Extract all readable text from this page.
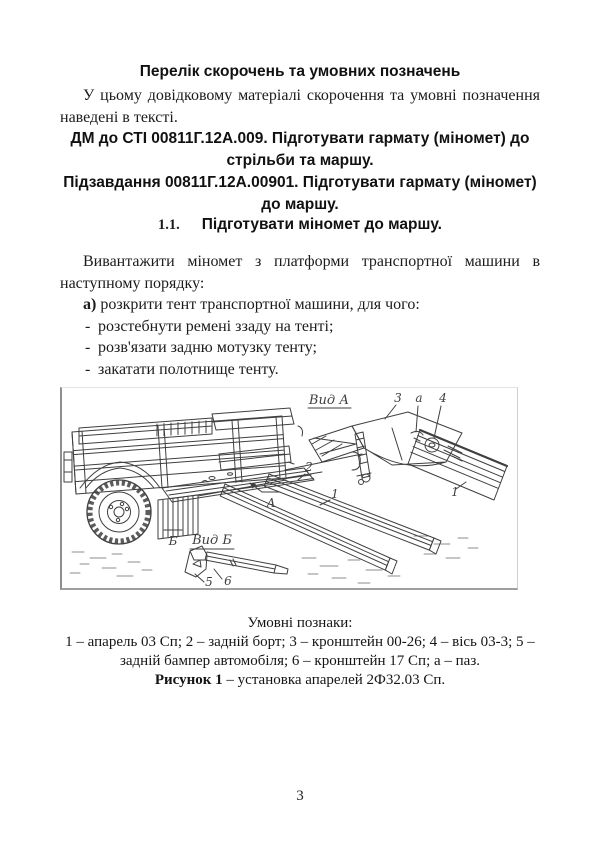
Перелік скорочень та умовних позначень

У цьому довідковому матеріалі скорочення та умовні позначення наведені в тексті.

ДМ до СТІ 00811Г.12А.009. Підготувати гармату (міномет) до стрільби та маршу.
Підзавдання 00811Г.12А.00901. Підготувати гармату (міномет) до маршу.
1.1. Підготувати міномет до маршу.

Вивантажити міномет з платформи транспортної машини в наступному порядку:

а) розкрити тент транспортної машини, для чого:

- розстебнути ремені ззаду на тенті;
- розв'язати задню мотузку тенту;
- закатати полотнище тенту.
2
1
А
Б
Вид А	3 a 4
1
Вид Б
5 6
Умовні познаки:
1 – апарель 03 Сп; 2 – задній борт; 3 – кронштейн 00-26; 4 – вісь 03-3; 5 – задній бампер автомобіля; 6 – кронштейн 17 Сп; а – паз.
Рисунок 1 – установка апарелей 2Ф32.03 Сп.
3
